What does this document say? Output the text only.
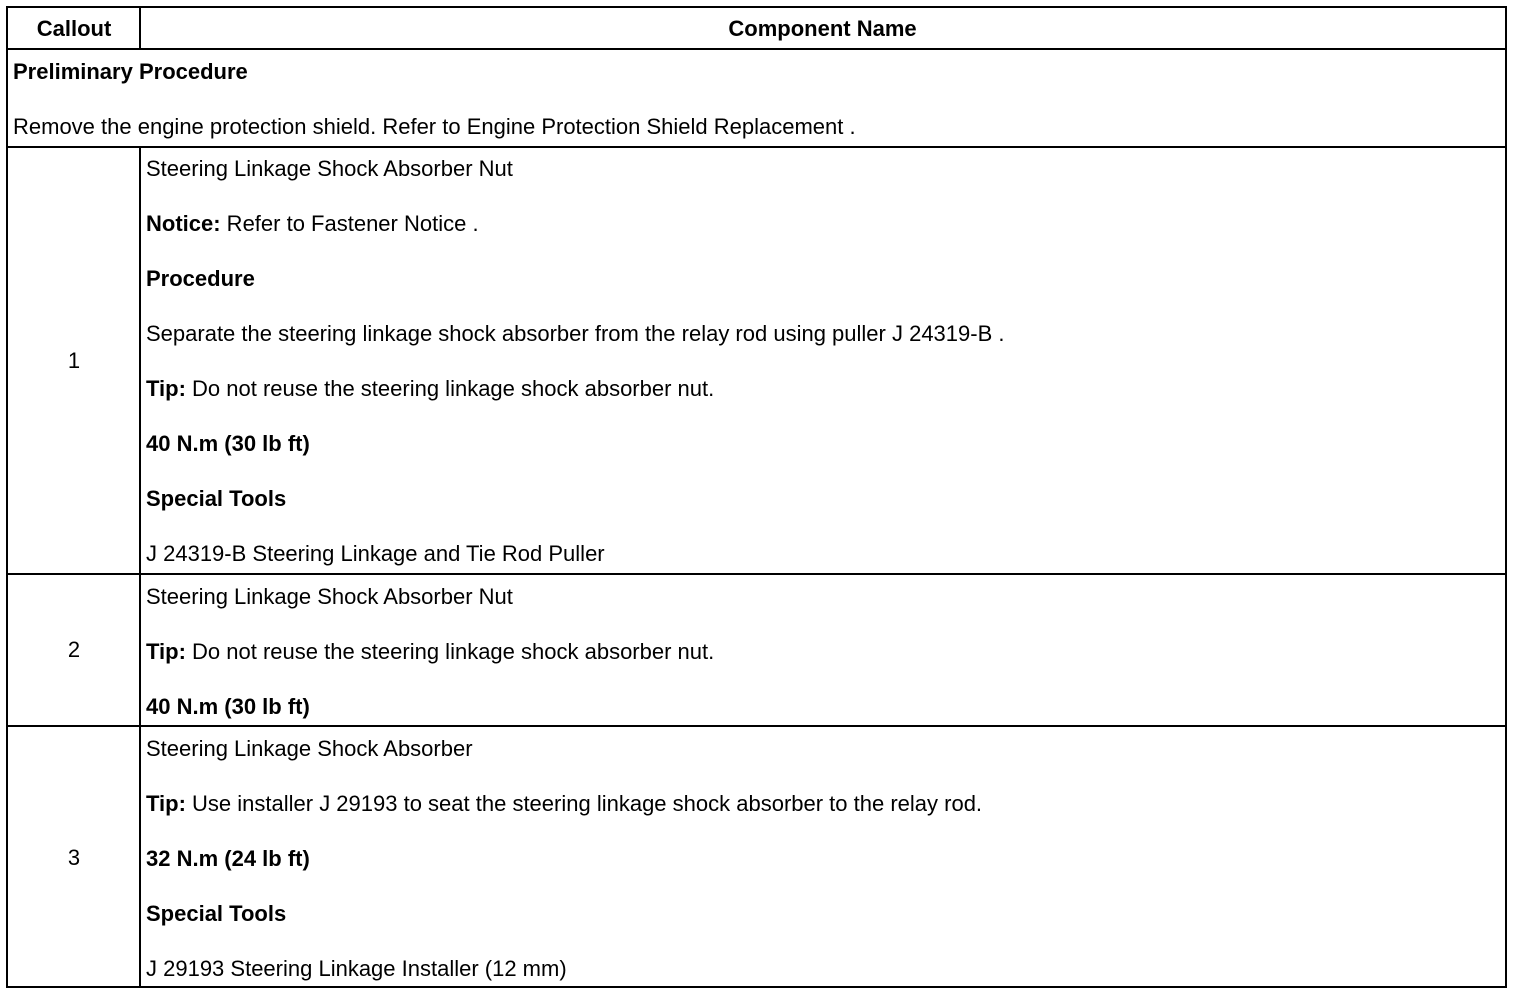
Callout	Component Name
Preliminary Procedure
Remove the engine protection shield. Refer to Engine Protection Shield Replacement .
1
Steering Linkage Shock Absorber Nut
Notice: Refer to Fastener Notice .
Procedure
Separate the steering linkage shock absorber from the relay rod using puller J 24319-B .
Tip: Do not reuse the steering linkage shock absorber nut.
40 N.m (30 lb ft)
Special Tools
J 24319-B Steering Linkage and Tie Rod Puller
2
Steering Linkage Shock Absorber Nut
Tip: Do not reuse the steering linkage shock absorber nut.
40 N.m (30 lb ft)
3
Steering Linkage Shock Absorber
Tip: Use installer J 29193 to seat the steering linkage shock absorber to the relay rod.
32 N.m (24 lb ft)
Special Tools
J 29193 Steering Linkage Installer (12 mm)
